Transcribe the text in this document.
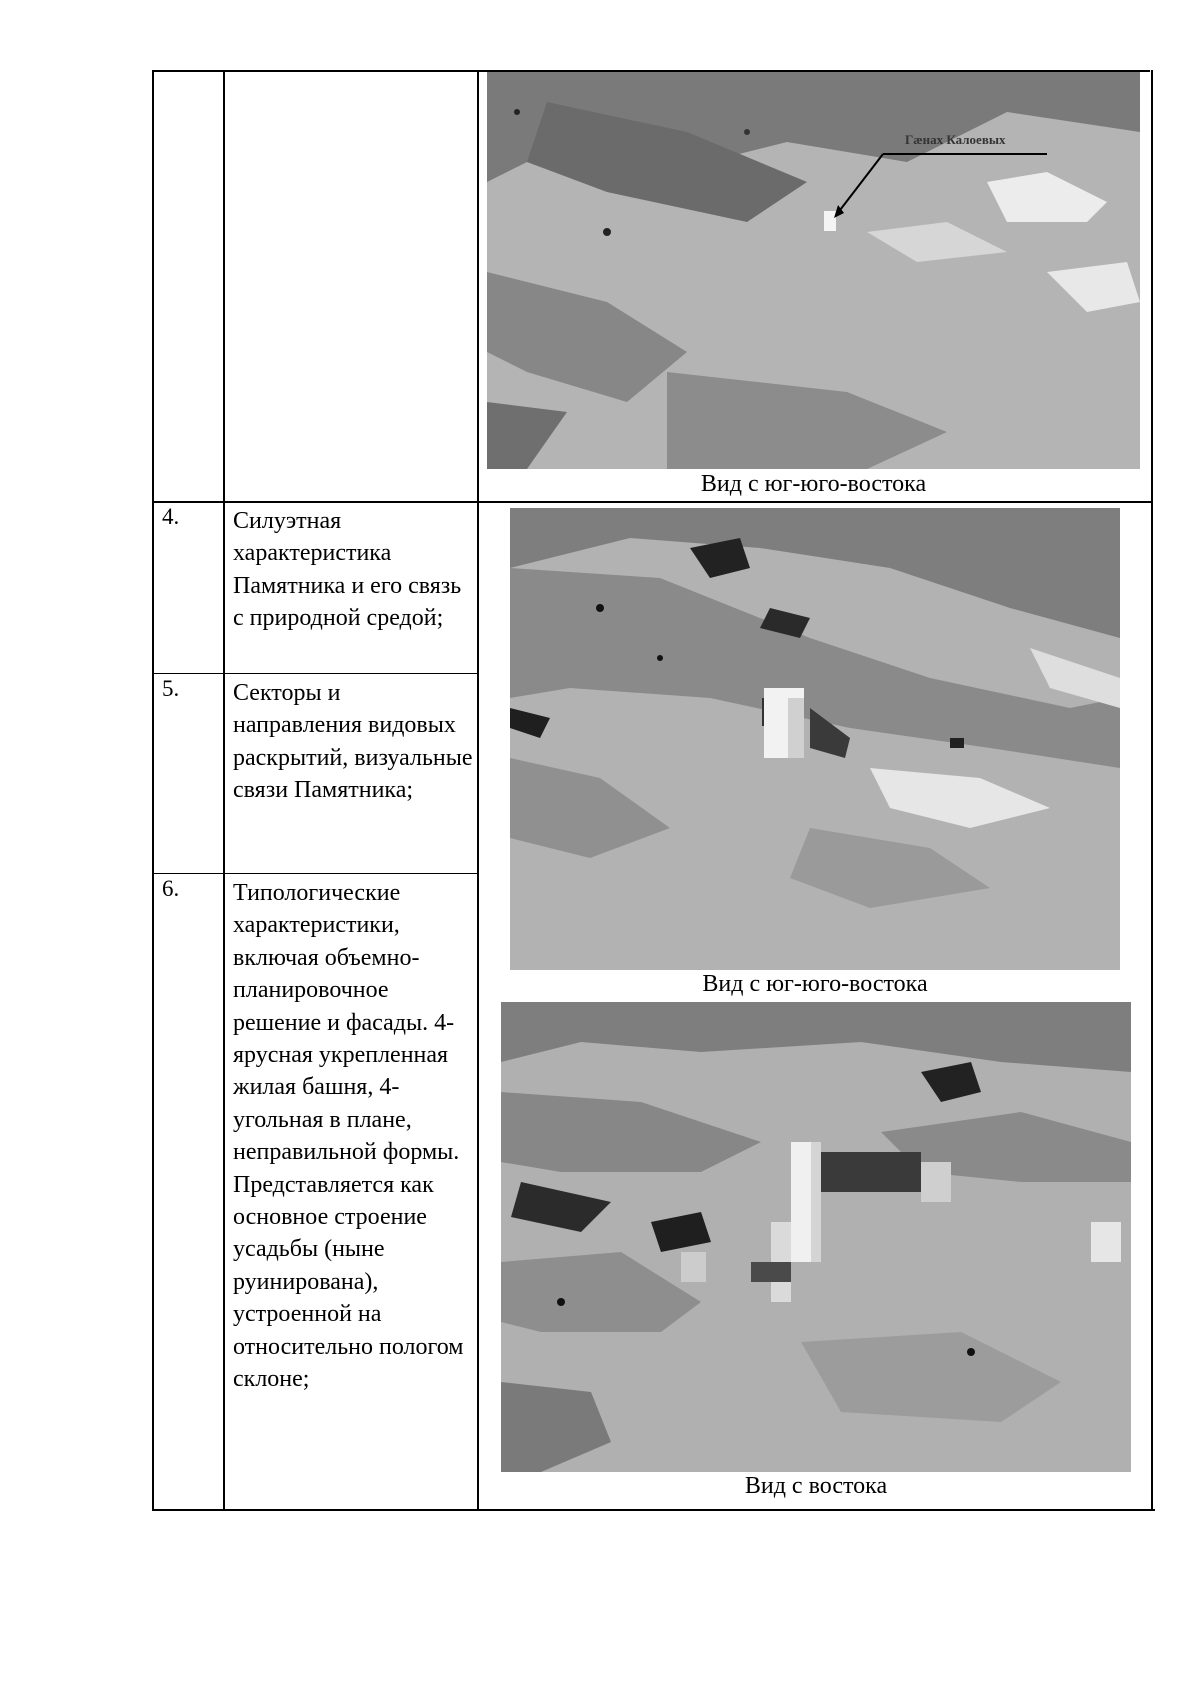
4.
5.
6.
Силуэтная характеристика Памятника и его связь с природной средой;
Секторы и направления видовых раскрытий, визуальные связи Памятника;
Типологические характеристики, включая объемно-планировочное решение и фасады. 4-ярусная укрепленная жилая башня, 4-угольная в плане, неправильной формы. Представляется как основное строение усадьбы (ныне руинирована), устроенной на относительно пологом склоне;
Гæнах Калоевых
Вид с юг-юго-востока
Вид с юг-юго-востока
Вид с востока
